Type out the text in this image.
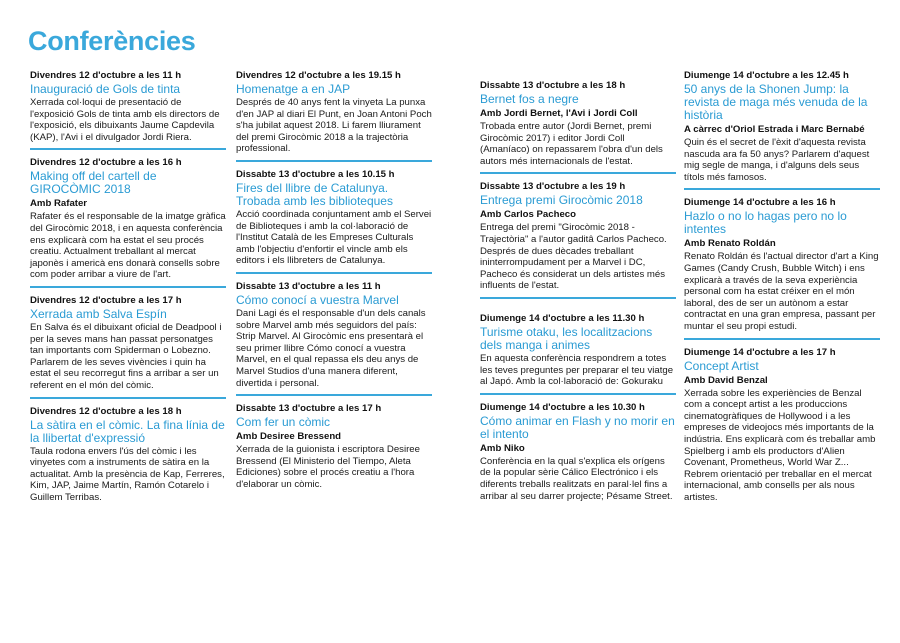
Conferències
Divendres 12 d'octubre a les 11 h
Inauguració de Gols de tinta
Xerrada col·loqui de presentació de l'exposició Gols de tinta amb els directors de l'exposició, els dibuixants Jaume Capdevila (KAP), l'Avi i el divulgador Jordi Riera.
Divendres 12 d'octubre a les 16 h
Making off del cartell de GIROCÒMIC 2018
Amb Rafater
Rafater és el responsable de la imatge gràfica del Girocòmic 2018, i en aquesta conferència ens explicarà com ha estat el seu procés creatiu. Actualment treballant al mercat japonès i americà ens donarà consells sobre com poder arribar a viure de l'art.
Divendres 12 d'octubre a les 17 h
Xerrada amb Salva Espín
En Salva és el dibuixant oficial de Deadpool i per la seves mans han passat personatges tan importants com Spiderman o Lobezno. Parlarem de les seves vivències i quin ha estat el seu recorregut fins a arribar a ser un referent en el món del còmic.
Divendres 12 d'octubre a les 18 h
La sàtira en el còmic. La fina línia de la llibertat d'expressió
Taula rodona envers l'ús del còmic i les vinyetes com a instruments de sàtira en la actualitat. Amb la presència de Kap, Ferreres, Kim, JAP, Jaime Martín, Ramón Cotarelo i Guillem Terribas.
Divendres 12 d'octubre a les 19.15 h
Homenatge a en JAP
Després de 40 anys fent la vinyeta La punxa d'en JAP al diari El Punt, en Joan Antoni Poch s'ha jubilat aquest 2018. Li farem lliurament del premi Girocòmic 2018 a la trajectòria professional.
Dissabte 13 d'octubre a les 10.15 h
Fires del llibre de Catalunya. Trobada amb les biblioteques
Acció coordinada conjuntament amb el Servei de Biblioteques i amb la col·laboració de l'Institut Català de les Empreses Culturals amb l'objectiu d'enfortir el vincle amb els editors i els llibreters de Catalunya.
Dissabte 13 d'octubre a les 11 h
Cómo conocí a vuestra Marvel
Dani Lagi és el responsable d'un dels canals sobre Marvel amb més seguidors del país: Strip Marvel. Al Girocòmic ens presentarà el seu primer llibre Cómo conocí a vuestra Marvel, en el qual repassa els deu anys de Marvel Studios d'una manera diferent, divertida i personal.
Dissabte 13 d'octubre a les 17 h
Com fer un còmic
Amb Desiree Bressend
Xerrada de la guionista i escriptora Desiree Bressend (El Ministerio del Tiempo, Aleta Ediciones) sobre el procés creatiu a l'hora d'elaborar un còmic.
Dissabte 13 d'octubre a les 18 h
Bernet fos a negre
Amb Jordi Bernet, l'Avi i Jordi Coll
Trobada entre autor (Jordi Bernet, premi Girocòmic 2017) i editor Jordi Coll (Amaníaco) on repassarem l'obra d'un dels autors més internacionals de l'estat.
Dissabte 13 d'octubre a les 19 h
Entrega premi Girocòmic 2018
Amb Carlos Pacheco
Entrega del premi "Girocòmic 2018 - Trajectòria" a l'autor gaditâ Carlos Pacheco. Després de dues dècades treballant ininterrompudament per a Marvel i DC, Pacheco és considerat un dels artistes més influents de l'estat.
Diumenge 14 d'octubre a les 11.30 h
Turisme otaku, les localitzacions dels manga i animes
En aquesta conferència respondrem a totes les teves preguntes per preparar el teu viatge al Japó. Amb la col·laboració de: Gokuraku
Diumenge 14 d'octubre a les 10.30 h
Cómo animar en Flash y no morir en el intento
Amb Niko
Conferència en la qual s'explica els orígens de la popular sèrie Cálico Electrónico i els diferents treballs realitzats en paral·lel fins a arribar al seu darrer projecte; Pésame Street.
Diumenge 14 d'octubre a les 12.45 h
50 anys de la Shonen Jump: la revista de maga més venuda de la història
A càrrec d'Oriol Estrada i Marc Bernabé
Quin és el secret de l'èxit d'aquesta revista nascuda ara fa 50 anys? Parlarem d'aquest mig segle de manga, i d'alguns dels seus títols més famosos.
Diumenge 14 d'octubre a les 16 h
Hazlo o no lo hagas pero no lo intentes
Amb Renato Roldán
Renato Roldán és l'actual director d'art a King Games (Candy Crush, Bubble Witch) i ens explicarà a través de la seva experiència personal com ha estat créixer en el món laboral, des de ser un autònom a estar contractat en una gran empresa, passant per muntar el seu propi estudi.
Diumenge 14 d'octubre a les 17 h
Concept Artist
Amb David Benzal
Xerrada sobre les experiències de Benzal com a concept artist a les produccions cinematogràfiques de Hollywood i a les empreses de videojocs més importants de la indústria. Ens explicarà com és treballar amb Spielberg i amb els productors d'Alien Covenant, Prometheus, World War Z... Rebrem orientació per treballar en el mercat internacional, amb consells per als nous artistes.
